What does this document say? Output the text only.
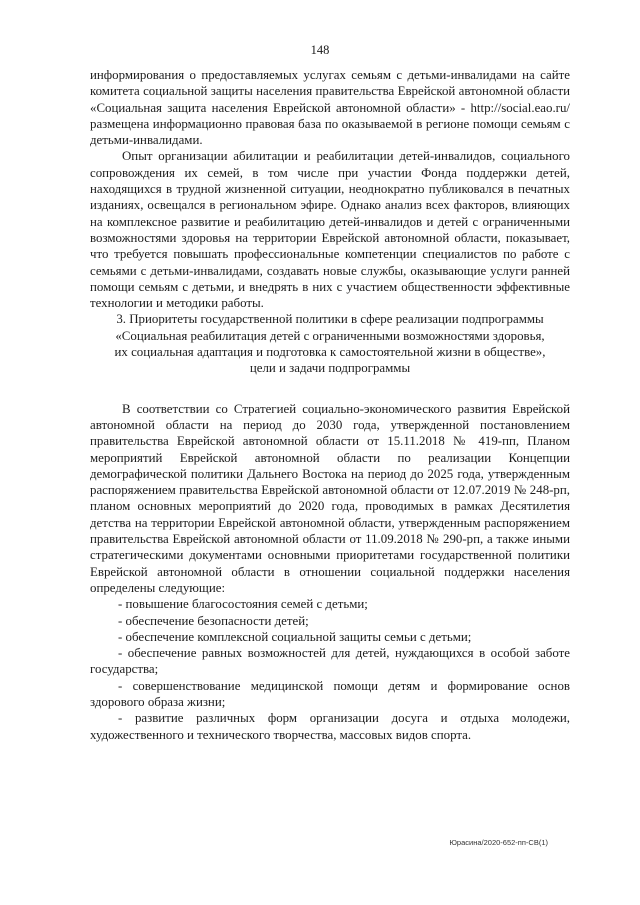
148

информирования о предоставляемых услугах семьям с детьми-инвалидами на сайте комитета социальной защиты населения правительства Еврейской автономной области «Социальная защита населения Еврейской автономной области» - http://social.eao.ru/ размещена информационно правовая база по оказываемой в регионе помощи семьям с детьми-инвалидами.

Опыт организации абилитации и реабилитации детей-инвалидов, социального сопровождения их семей, в том числе при участии Фонда поддержки детей, находящихся в трудной жизненной ситуации, неоднократно публиковался в печатных изданиях, освещался в региональном эфире. Однако анализ всех факторов, влияющих на комплексное развитие и реабилитацию детей-инвалидов и детей с ограниченными возможностями здоровья на территории Еврейской автономной области, показывает, что требуется повышать профессиональные компетенции специалистов по работе с семьями с детьми-инвалидами, создавать новые службы, оказывающие услуги ранней помощи семьям с детьми, и внедрять в них с участием общественности эффективные технологии и методики работы.

3. Приоритеты государственной политики в сфере реализации подпрограммы «Социальная реабилитация детей с ограниченными возможностями здоровья, их социальная адаптация и подготовка к самостоятельной жизни в обществе», цели и задачи подпрограммы

В соответствии со Стратегией социально-экономического развития Еврейской автономной области на период до 2030 года, утвержденной постановлением правительства Еврейской автономной области от 15.11.2018 № 419-пп, Планом мероприятий Еврейской автономной области по реализации Концепции демографической политики Дальнего Востока на период до 2025 года, утвержденным распоряжением правительства Еврейской автономной области от 12.07.2019 № 248-рп, планом основных мероприятий до 2020 года, проводимых в рамках Десятилетия детства на территории Еврейской автономной области, утвержденным распоряжением правительства Еврейской автономной области от 11.09.2018 № 290-рп, а также иными стратегическими документами основными приоритетами государственной политики Еврейской автономной области в отношении социальной поддержки населения определены следующие:

- повышение благосостояния семей с детьми;

- обеспечение безопасности детей;

- обеспечение комплексной социальной защиты семьи с детьми;

- обеспечение равных возможностей для детей, нуждающихся в особой заботе государства;

- совершенствование медицинской помощи детям и формирование основ здорового образа жизни;

- развитие различных форм организации досуга и отдыха молодежи, художественного и технического творчества, массовых видов спорта.

Юрасина/2020-652-пп-СВ(1)
